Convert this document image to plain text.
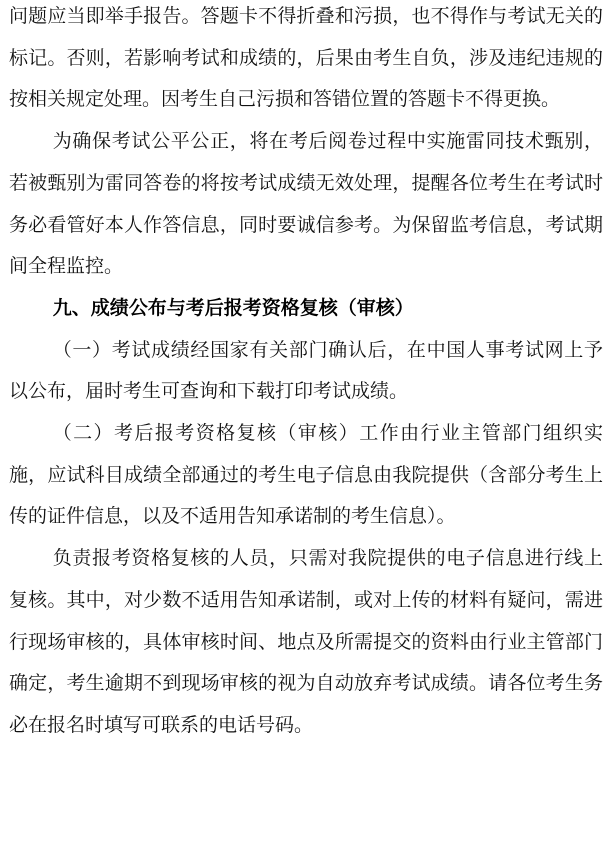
问题应当即举手报告。答题卡不得折叠和污损，也不得作与考试无关的标记。否则，若影响考试和成绩的，后果由考生自负，涉及违纪违规的按相关规定处理。因考生自己污损和答错位置的答题卡不得更换。

为确保考试公平公正，将在考后阅卷过程中实施雷同技术甄别，若被甄别为雷同答卷的将按考试成绩无效处理，提醒各位考生在考试时务必看管好本人作答信息，同时要诚信参考。为保留监考信息，考试期间全程监控。

九、成绩公布与考后报考资格复核（审核）

（一）考试成绩经国家有关部门确认后，在中国人事考试网上予以公布，届时考生可查询和下载打印考试成绩。

（二）考后报考资格复核（审核）工作由行业主管部门组织实施，应试科目成绩全部通过的考生电子信息由我院提供（含部分考生上传的证件信息，以及不适用告知承诺制的考生信息）。

负责报考资格复核的人员，只需对我院提供的电子信息进行线上复核。其中，对少数不适用告知承诺制，或对上传的材料有疑问，需进行现场审核的，具体审核时间、地点及所需提交的资料由行业主管部门确定，考生逾期不到现场审核的视为自动放弃考试成绩。请各位考生务必在报名时填写可联系的电话号码。
